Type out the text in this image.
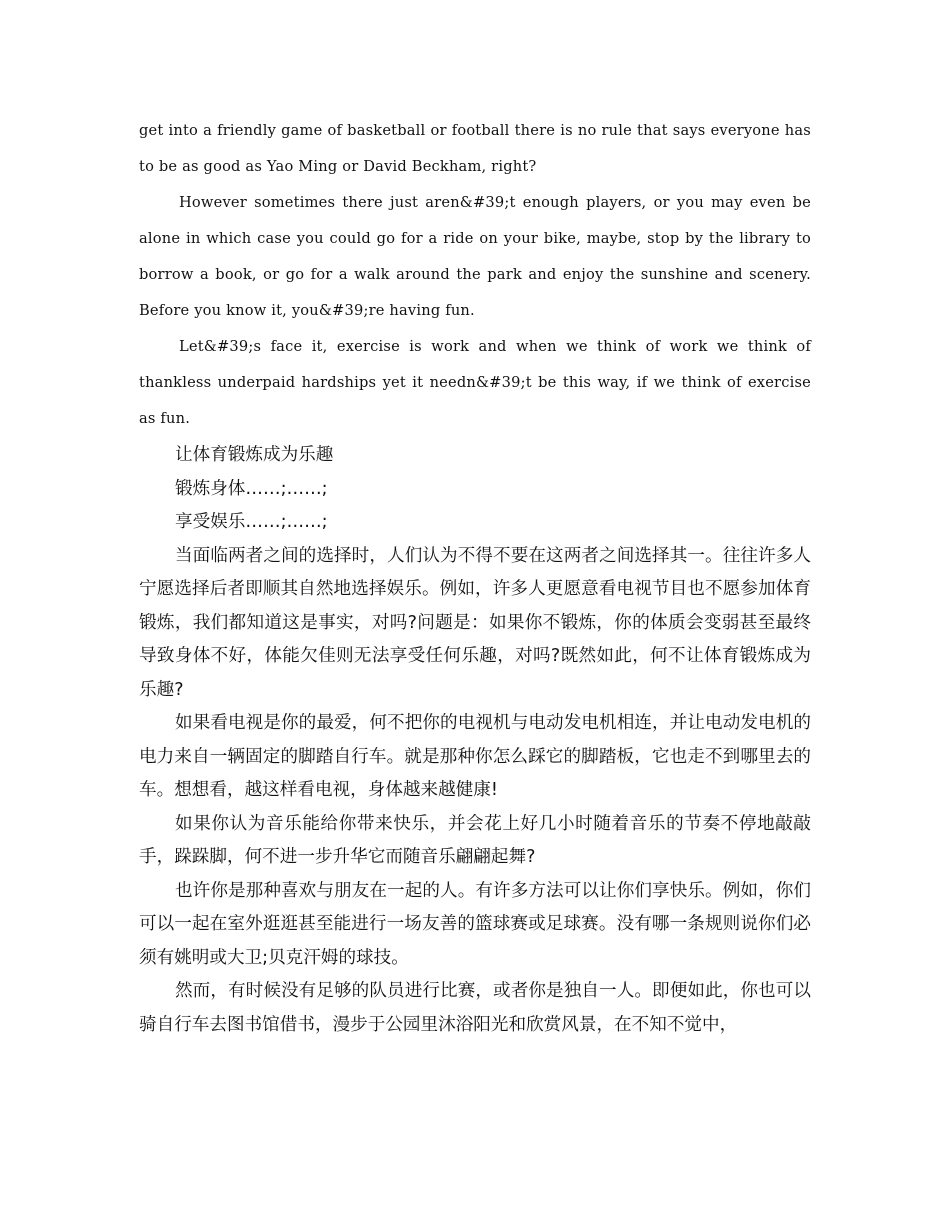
get into a friendly game of basketball or football there is no rule that says everyone has to be as good as Yao Ming or David Beckham, right?

However sometimes there just aren&#39;t enough players, or you may even be alone in which case you could go for a ride on your bike, maybe, stop by the library to borrow a book, or go for a walk around the park and enjoy the sunshine and scenery. Before you know it, you&#39;re having fun.

Let&#39;s face it, exercise is work and when we think of work we think of thankless underpaid hardships yet it needn&#39;t be this way, if we think of exercise as fun.

让体育锻炼成为乐趣

锻炼身体……;……;

享受娱乐……;……;

当面临两者之间的选择时，人们认为不得不要在这两者之间选择其一。往往许多人宁愿选择后者即顺其自然地选择娱乐。例如，许多人更愿意看电视节目也不愿参加体育锻炼，我们都知道这是事实，对吗?问题是：如果你不锻炼，你的体质会变弱甚至最终导致身体不好，体能欠佳则无法享受任何乐趣，对吗?既然如此，何不让体育锻炼成为乐趣?

如果看电视是你的最爱，何不把你的电视机与电动发电机相连，并让电动发电机的电力来自一辆固定的脚踏自行车。就是那种你怎么踩它的脚踏板，它也走不到哪里去的车。想想看，越这样看电视，身体越来越健康!

如果你认为音乐能给你带来快乐，并会花上好几小时随着音乐的节奏不停地敲敲手，跺跺脚，何不进一步升华它而随音乐翩翩起舞?

也许你是那种喜欢与朋友在一起的人。有许多方法可以让你们享快乐。例如，你们可以一起在室外逛逛甚至能进行一场友善的篮球赛或足球赛。没有哪一条规则说你们必须有姚明或大卫;贝克汗姆的球技。

然而，有时候没有足够的队员进行比赛，或者你是独自一人。即便如此，你也可以骑自行车去图书馆借书，漫步于公园里沐浴阳光和欣赏风景，在不知不觉中，
